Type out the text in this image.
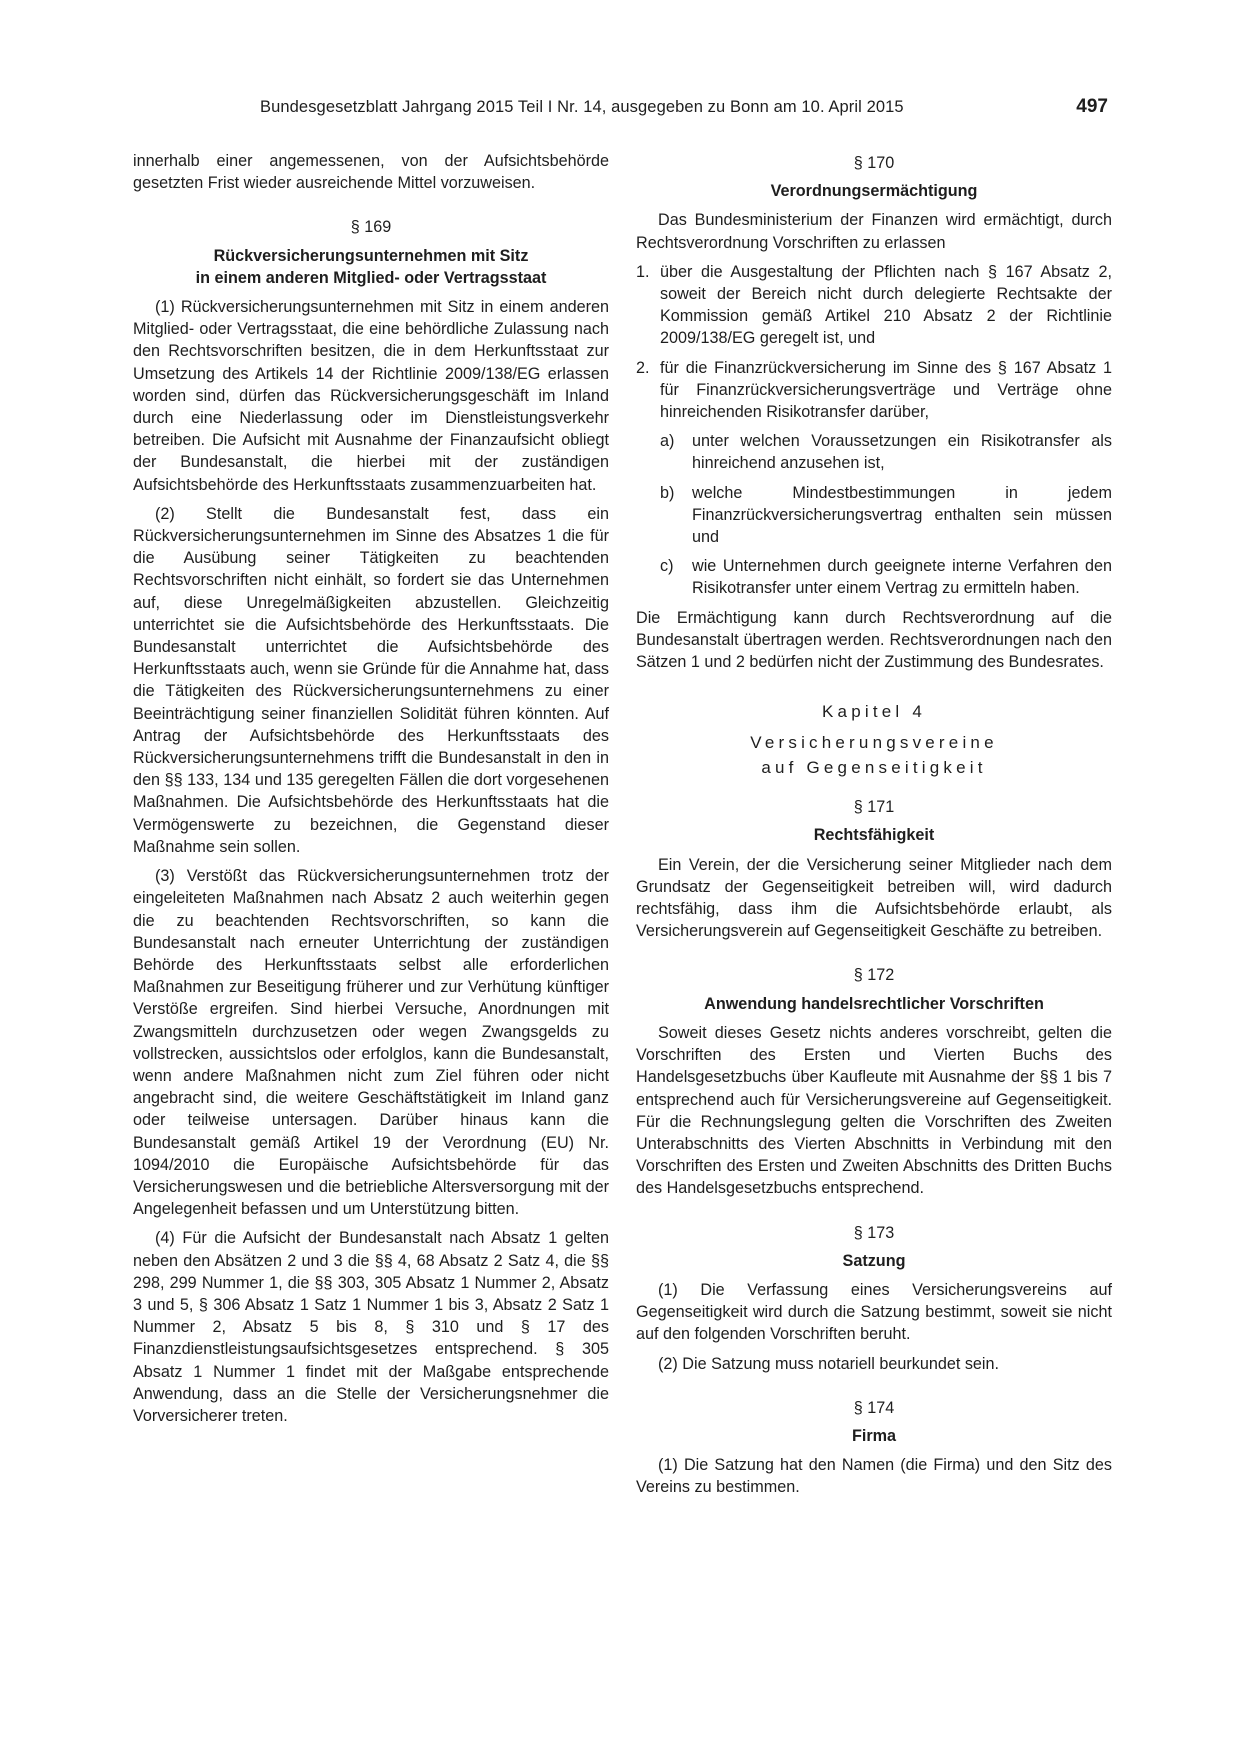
Bundesgesetzblatt Jahrgang 2015 Teil I Nr. 14, ausgegeben zu Bonn am 10. April 2015	497

innerhalb einer angemessenen, von der Aufsichtsbehörde gesetzten Frist wieder ausreichende Mittel vorzuweisen.

§ 169
Rückversicherungsunternehmen mit Sitz
in einem anderen Mitglied- oder Vertragsstaat

(1) Rückversicherungsunternehmen mit Sitz in einem anderen Mitglied- oder Vertragsstaat, die eine behördliche Zulassung nach den Rechtsvorschriften besitzen, die in dem Herkunftsstaat zur Umsetzung des Artikels 14 der Richtlinie 2009/138/EG erlassen worden sind, dürfen das Rückversicherungsgeschäft im Inland durch eine Niederlassung oder im Dienstleistungsverkehr betreiben. Die Aufsicht mit Ausnahme der Finanzaufsicht obliegt der Bundesanstalt, die hierbei mit der zuständigen Aufsichtsbehörde des Herkunftsstaats zusammenzuarbeiten hat.

(2) Stellt die Bundesanstalt fest, dass ein Rückversicherungsunternehmen im Sinne des Absatzes 1 die für die Ausübung seiner Tätigkeiten zu beachtenden Rechtsvorschriften nicht einhält, so fordert sie das Unternehmen auf, diese Unregelmäßigkeiten abzustellen. Gleichzeitig unterrichtet sie die Aufsichtsbehörde des Herkunftsstaats. Die Bundesanstalt unterrichtet die Aufsichtsbehörde des Herkunftsstaats auch, wenn sie Gründe für die Annahme hat, dass die Tätigkeiten des Rückversicherungsunternehmens zu einer Beeinträchtigung seiner finanziellen Solidität führen könnten. Auf Antrag der Aufsichtsbehörde des Herkunftsstaats des Rückversicherungsunternehmens trifft die Bundesanstalt in den in den §§ 133, 134 und 135 geregelten Fällen die dort vorgesehenen Maßnahmen. Die Aufsichtsbehörde des Herkunftsstaats hat die Vermögenswerte zu bezeichnen, die Gegenstand dieser Maßnahme sein sollen.

(3) Verstößt das Rückversicherungsunternehmen trotz der eingeleiteten Maßnahmen nach Absatz 2 auch weiterhin gegen die zu beachtenden Rechtsvorschriften, so kann die Bundesanstalt nach erneuter Unterrichtung der zuständigen Behörde des Herkunftsstaats selbst alle erforderlichen Maßnahmen zur Beseitigung früherer und zur Verhütung künftiger Verstöße ergreifen. Sind hierbei Versuche, Anordnungen mit Zwangsmitteln durchzusetzen oder wegen Zwangsgelds zu vollstrecken, aussichtslos oder erfolglos, kann die Bundesanstalt, wenn andere Maßnahmen nicht zum Ziel führen oder nicht angebracht sind, die weitere Geschäftstätigkeit im Inland ganz oder teilweise untersagen. Darüber hinaus kann die Bundesanstalt gemäß Artikel 19 der Verordnung (EU) Nr. 1094/2010 die Europäische Aufsichtsbehörde für das Versicherungswesen und die betriebliche Altersversorgung mit der Angelegenheit befassen und um Unterstützung bitten.

(4) Für die Aufsicht der Bundesanstalt nach Absatz 1 gelten neben den Absätzen 2 und 3 die §§ 4, 68 Absatz 2 Satz 4, die §§ 298, 299 Nummer 1, die §§ 303, 305 Absatz 1 Nummer 2, Absatz 3 und 5, § 306 Absatz 1 Satz 1 Nummer 1 bis 3, Absatz 2 Satz 1 Nummer 2, Absatz 5 bis 8, § 310 und § 17 des Finanzdienstleistungsaufsichtsgesetzes entsprechend. § 305 Absatz 1 Nummer 1 findet mit der Maßgabe entsprechende Anwendung, dass an die Stelle der Versicherungsnehmer die Vorversicherer treten.

§ 170
Verordnungsermächtigung

Das Bundesministerium der Finanzen wird ermächtigt, durch Rechtsverordnung Vorschriften zu erlassen

1. über die Ausgestaltung der Pflichten nach § 167 Absatz 2, soweit der Bereich nicht durch delegierte Rechtsakte der Kommission gemäß Artikel 210 Absatz 2 der Richtlinie 2009/138/EG geregelt ist, und
2. für die Finanzrückversicherung im Sinne des § 167 Absatz 1 für Finanzrückversicherungsverträge und Verträge ohne hinreichenden Risikotransfer darüber,
a)	unter welchen Voraussetzungen ein Risikotransfer als hinreichend anzusehen ist,
b)	welche Mindestbestimmungen in jedem Finanzrückversicherungsvertrag enthalten sein müssen und
c)	wie Unternehmen durch geeignete interne Verfahren den Risikotransfer unter einem Vertrag zu ermitteln haben.

Die Ermächtigung kann durch Rechtsverordnung auf die Bundesanstalt übertragen werden. Rechtsverordnungen nach den Sätzen 1 und 2 bedürfen nicht der Zustimmung des Bundesrates.

Kapitel 4
Versicherungsvereine
auf Gegenseitigkeit
§ 171
Rechtsfähigkeit

Ein Verein, der die Versicherung seiner Mitglieder nach dem Grundsatz der Gegenseitigkeit betreiben will, wird dadurch rechtsfähig, dass ihm die Aufsichtsbehörde erlaubt, als Versicherungsverein auf Gegenseitigkeit Geschäfte zu betreiben.

§ 172
Anwendung handelsrechtlicher Vorschriften

Soweit dieses Gesetz nichts anderes vorschreibt, gelten die Vorschriften des Ersten und Vierten Buchs des Handelsgesetzbuchs über Kaufleute mit Ausnahme der §§ 1 bis 7 entsprechend auch für Versicherungsvereine auf Gegenseitigkeit. Für die Rechnungslegung gelten die Vorschriften des Zweiten Unterabschnitts des Vierten Abschnitts in Verbindung mit den Vorschriften des Ersten und Zweiten Abschnitts des Dritten Buchs des Handelsgesetzbuchs entsprechend.

§ 173
Satzung

(1) Die Verfassung eines Versicherungsvereins auf Gegenseitigkeit wird durch die Satzung bestimmt, soweit sie nicht auf den folgenden Vorschriften beruht.

(2) Die Satzung muss notariell beurkundet sein.

§ 174
Firma

(1) Die Satzung hat den Namen (die Firma) und den Sitz des Vereins zu bestimmen.
